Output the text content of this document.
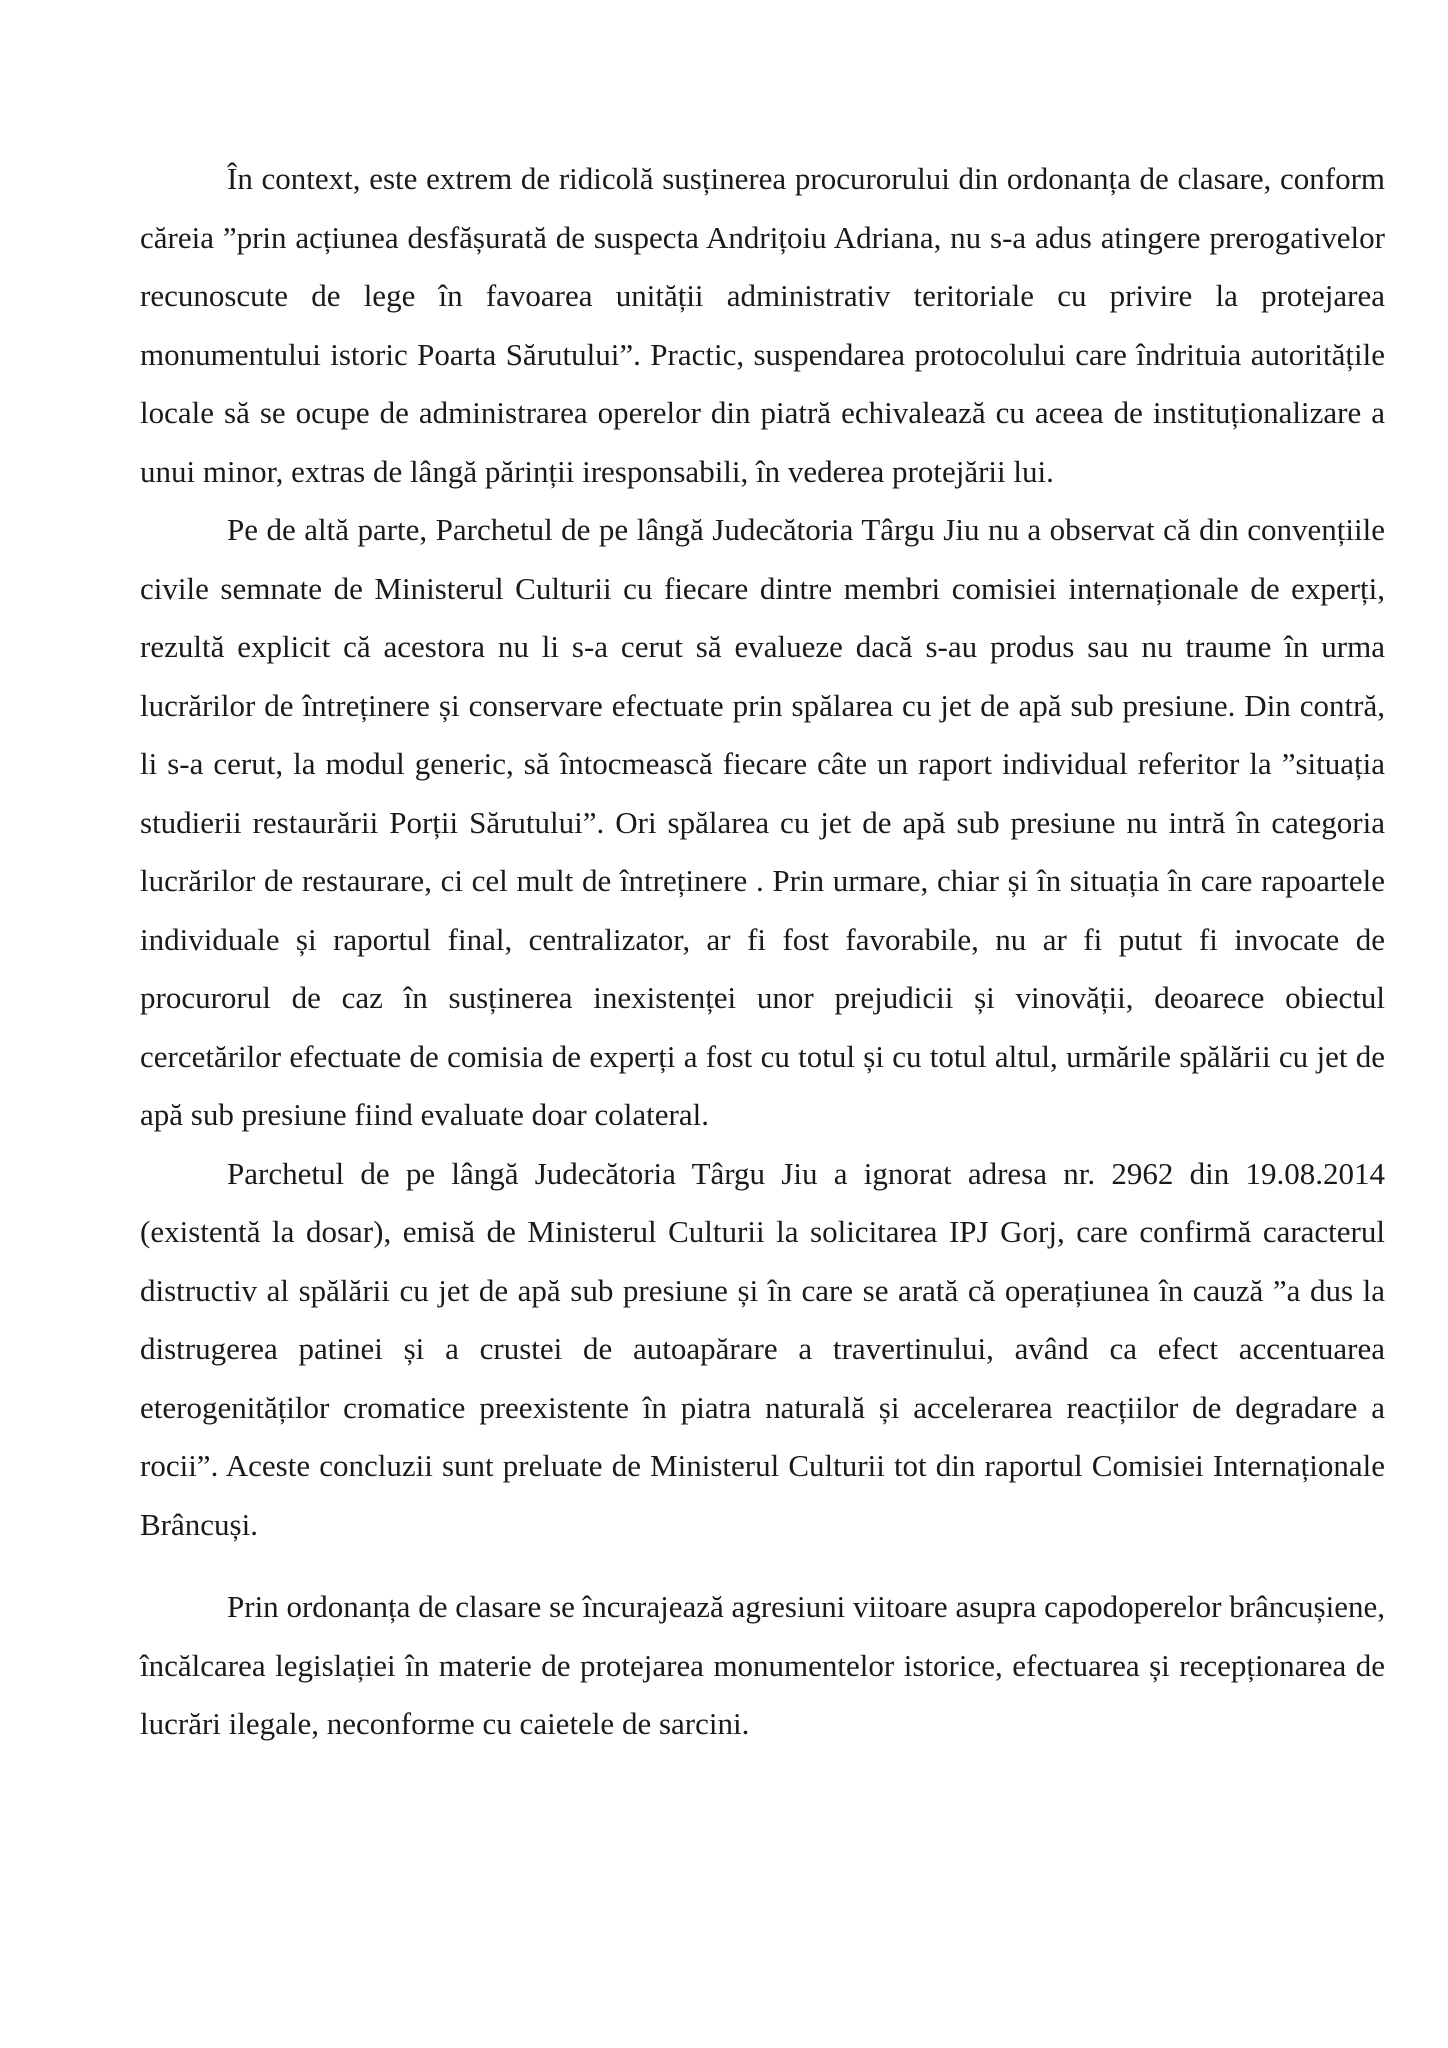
În context, este extrem de ridicolă susținerea procurorului din ordonanța de clasare, conform căreia ”prin acțiunea desfășurată de suspecta Andrițoiu Adriana, nu s-a adus atingere prerogativelor recunoscute de lege în favoarea unității administrativ teritoriale cu privire la protejarea monumentului istoric Poarta Sărutului”. Practic, suspendarea protocolului care îndrituia autoritățile locale să se ocupe de administrarea operelor din piatră echivalează cu aceea de instituționalizare a unui minor, extras de lângă părinții iresponsabili, în vederea protejării lui.

Pe de altă parte, Parchetul de pe lângă Judecătoria Târgu Jiu nu a observat că din convențiile civile semnate de Ministerul Culturii cu fiecare dintre membri comisiei internaționale de experți, rezultă explicit că acestora nu li s-a cerut să evalueze dacă s-au produs sau nu traume în urma lucrărilor de întreținere și conservare efectuate prin spălarea cu jet de apă sub presiune. Din contră, li s-a cerut, la modul generic, să întocmească fiecare câte un raport individual referitor la ”situația studierii restaurării Porții Sărutului”. Ori spălarea cu jet de apă sub presiune nu intră în categoria lucrărilor de restaurare, ci cel mult de întreținere . Prin urmare, chiar și în situația în care rapoartele individuale și raportul final, centralizator, ar fi fost favorabile, nu ar fi putut fi invocate de procurorul de caz în susținerea inexistenței unor prejudicii și vinovății, deoarece obiectul cercetărilor efectuate de comisia de experți a fost cu totul și cu totul altul, urmările spălării cu jet de apă sub presiune fiind evaluate doar colateral.

Parchetul de pe lângă Judecătoria Târgu Jiu a ignorat adresa nr. 2962 din 19.08.2014 (existentă la dosar), emisă de Ministerul Culturii la solicitarea IPJ Gorj, care confirmă caracterul distructiv al spălării cu jet de apă sub presiune și în care se arată că operațiunea în cauză ”a dus la distrugerea patinei și a crustei de autoapărare a travertinului, având ca efect accentuarea eterogenităților cromatice preexistente în piatra naturală și accelerarea reacțiilor de degradare a rocii”. Aceste concluzii sunt preluate de Ministerul Culturii tot din raportul Comisiei Internaționale Brâncuși.

Prin ordonanța de clasare se încurajează agresiuni viitoare asupra capodoperelor brâncușiene, încălcarea legislației în materie de protejarea monumentelor istorice, efectuarea și recepționarea de lucrări ilegale, neconforme cu caietele de sarcini.
